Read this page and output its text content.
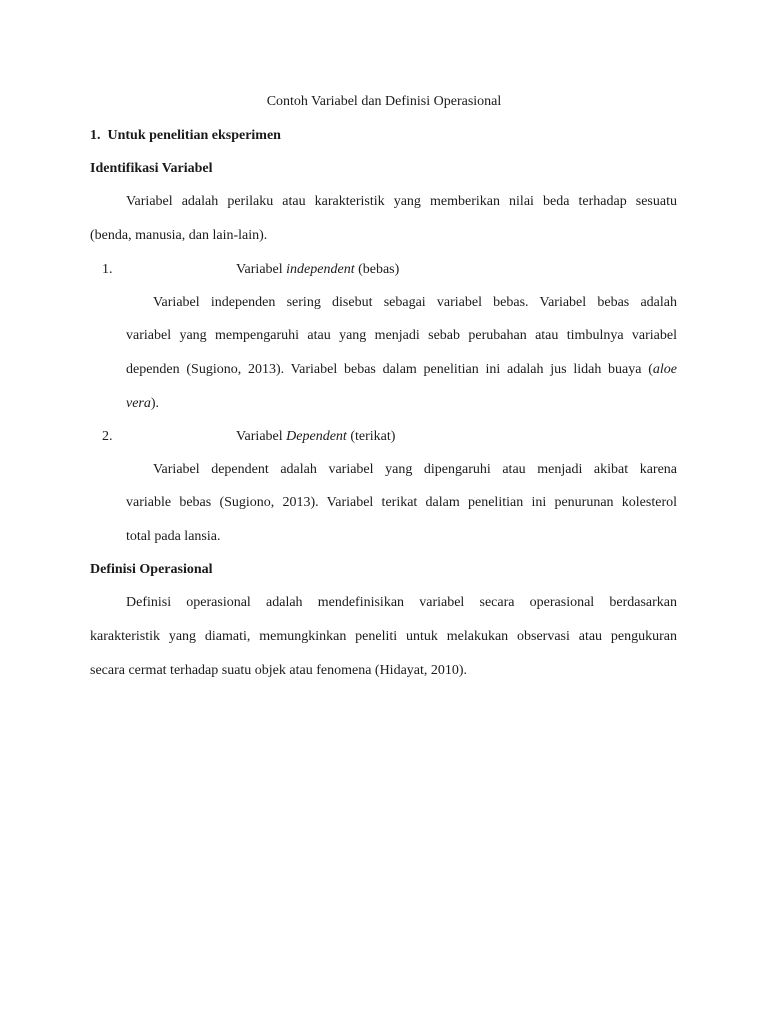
Contoh Variabel dan Definisi Operasional
1. Untuk penelitian eksperimen
Identifikasi Variabel
Variabel adalah perilaku atau karakteristik yang memberikan nilai beda terhadap sesuatu
(benda, manusia, dan lain-lain).
1.	Variabel independent (bebas)
Variabel independen sering disebut sebagai variabel bebas. Variabel bebas adalah
variabel yang mempengaruhi atau yang menjadi sebab perubahan atau timbulnya variabel
dependen (Sugiono, 2013). Variabel bebas dalam penelitian ini adalah jus lidah buaya (aloe
vera).
2.	Variabel Dependent (terikat)
Variabel dependent adalah variabel yang dipengaruhi atau menjadi akibat karena
variable bebas (Sugiono, 2013). Variabel terikat dalam penelitian ini penurunan kolesterol
total pada lansia.
Definisi Operasional
Definisi operasional adalah mendefinisikan variabel secara operasional berdasarkan
karakteristik yang diamati, memungkinkan peneliti untuk melakukan observasi atau pengukuran
secara cermat terhadap suatu objek atau fenomena (Hidayat, 2010).
